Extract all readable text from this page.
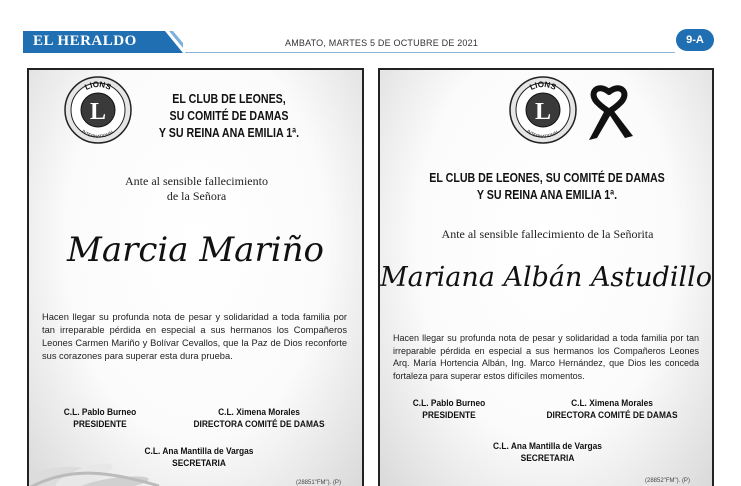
EL HERALDO	AMBATO, MARTES 5 DE OCTUBRE DE 2021	9-A
L
LIONS
INTERNATIONAL
EL CLUB DE LEONES,
SU COMITÉ DE DAMAS
Y SU REINA ANA EMILIA 1ª.
Ante al sensible fallecimiento
de la Señora
Marcia Mariño

Hacen llegar su profunda nota de pesar y solidaridad a toda familia por tan irreparable pérdida en especial a sus hermanos los Compañeros Leones Carmen Mariño y Bolívar Cevallos, que la Paz de Dios reconforte sus corazones para superar esta dura prueba.

C.L. Pablo Burneo
PRESIDENTE
C.L. Ximena Morales
DIRECTORA COMITÉ DE DAMAS
C.L. Ana Mantilla de Vargas
SECRETARIA
(28851"FM"). (P)
L
LIONS
INTERNATIONAL
EL CLUB DE LEONES, SU COMITÉ DE DAMAS
Y SU REINA ANA EMILIA 1ª.
Ante al sensible fallecimiento de la Señorita
Mariana Albán Astudillo

Hacen llegar su profunda nota de pesar y solidaridad a toda familia por tan irreparable pérdida en especial a sus hermanos los Compañeros Leones Arq. María Hortencia Albán, Ing. Marco Hernández, que Dios les conceda fortaleza para superar estos difíciles momentos.

C.L. Pablo Burneo
PRESIDENTE
C.L. Ximena Morales
DIRECTORA COMITÉ DE DAMAS
C.L. Ana Mantilla de Vargas
SECRETARIA
(28852"FM"). (P)
